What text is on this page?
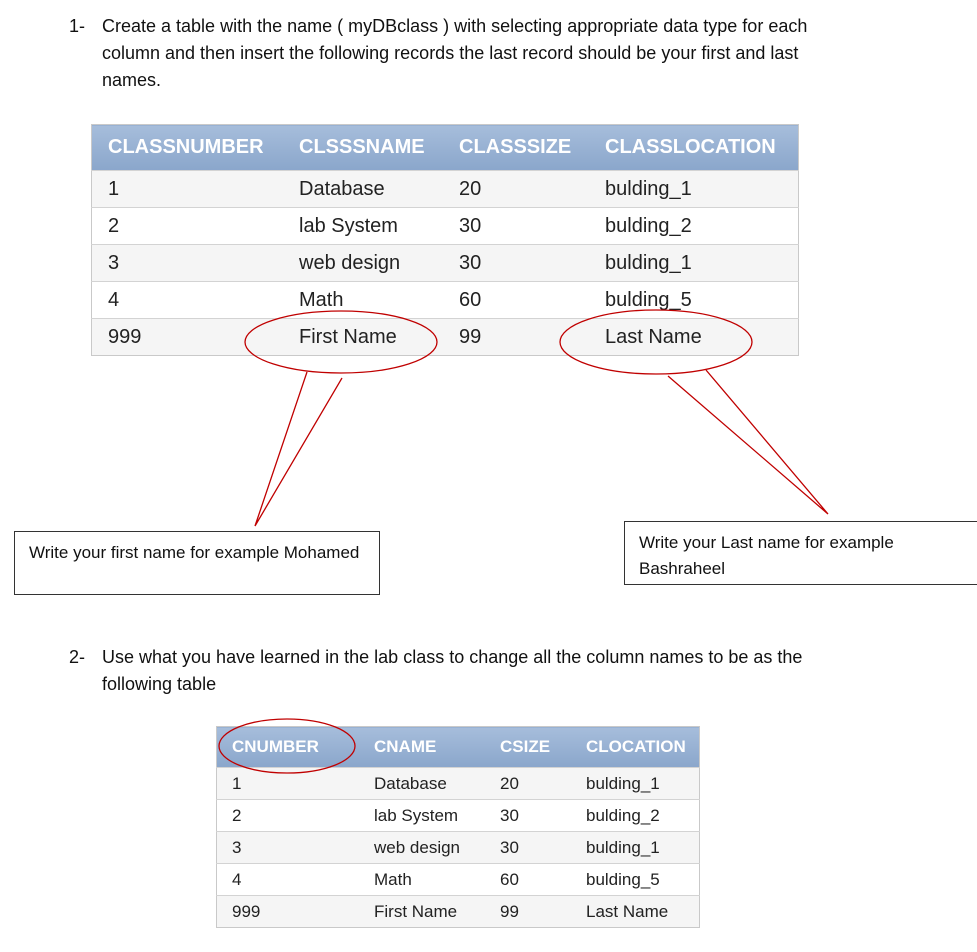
1- Create a table with the name ( myDBclass ) with selecting appropriate data type for each column and then insert the following records the last record should be your first and last names.
CLASSNUMBER	CLSSSNAME	CLASSSIZE	CLASSLOCATION
1	Database	20	bulding_1
2	lab System	30	bulding_2
3	web design	30	bulding_1
4	Math	60	bulding_5
999	First Name	99	Last Name
Write your first name for example Mohamed
Write your Last name for example Bashraheel
2- Use what you have learned in the lab class to change all the column names to be as the following table
CNUMBER	CNAME	CSIZE	CLOCATION
1	Database	20	bulding_1
2	lab System	30	bulding_2
3	web design	30	bulding_1
4	Math	60	bulding_5
999	First Name	99	Last Name
